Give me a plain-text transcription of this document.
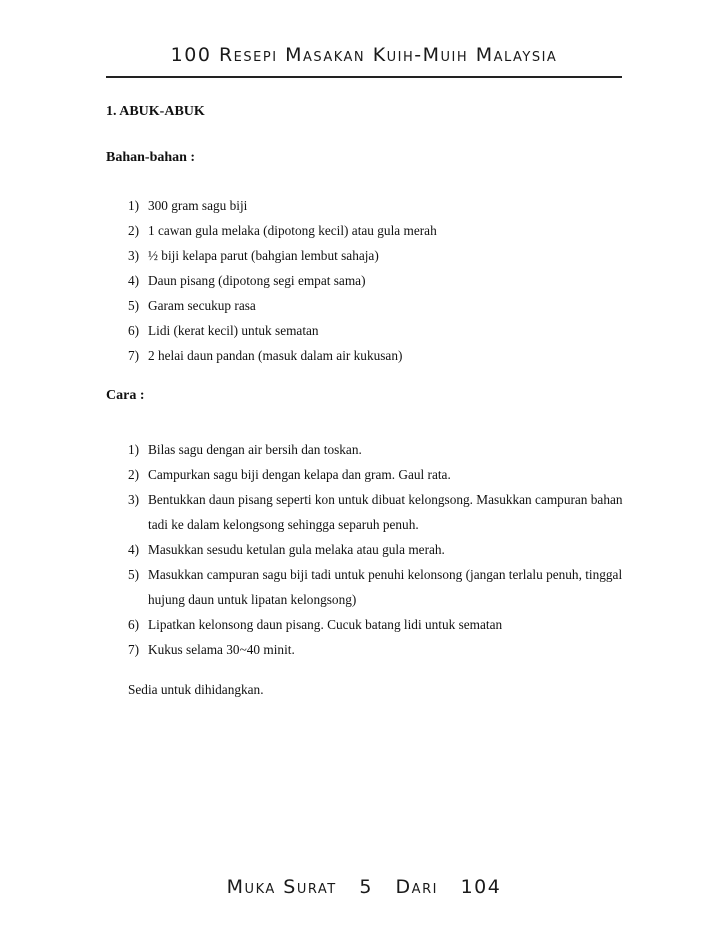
100 Resepi Masakan Kuih-Muih Malaysia
1. ABUK-ABUK
Bahan-bahan :
1) 300 gram sagu biji
2) 1 cawan gula melaka (dipotong kecil) atau gula merah
3) ½ biji kelapa parut (bahgian lembut sahaja)
4) Daun pisang (dipotong segi empat sama)
5) Garam secukup rasa
6) Lidi (kerat kecil) untuk sematan
7) 2 helai daun pandan (masuk dalam air kukusan)
Cara :
1) Bilas sagu dengan air bersih dan toskan.
2) Campurkan sagu biji dengan kelapa dan gram. Gaul rata.
3) Bentukkan daun pisang seperti kon untuk dibuat kelongsong. Masukkan campuran bahan tadi ke dalam kelongsong sehingga separuh penuh.
4) Masukkan sesudu ketulan gula melaka atau gula merah.
5) Masukkan campuran sagu biji tadi untuk penuhi kelonsong (jangan terlalu penuh, tinggal hujung daun untuk lipatan kelongsong)
6) Lipatkan kelonsong daun pisang. Cucuk batang lidi untuk sematan
7) Kukus selama 30~40 minit.
Sedia untuk dihidangkan.
Muka Surat 5 Dari 104
